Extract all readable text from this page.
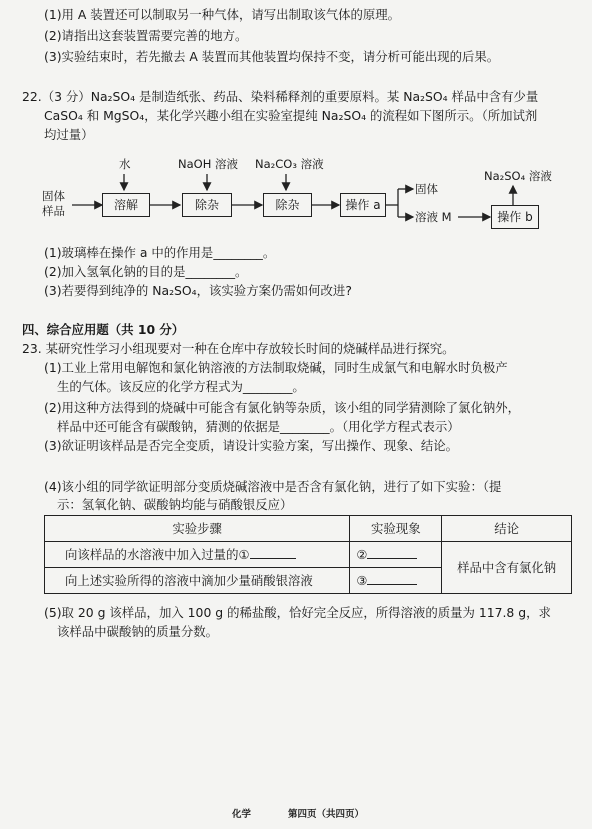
(1)用 A 装置还可以制取另一种气体，请写出制取该气体的原理。
(2)请指出这套装置需要完善的地方。
(3)实验结束时，若先撤去 A 装置而其他装置均保持不变，请分析可能出现的后果。
22.（3 分）Na₂SO₄ 是制造纸张、药品、染料稀释剂的重要原料。某 Na₂SO₄ 样品中含有少量
CaSO₄ 和 MgSO₄，某化学兴趣小组在实验室提纯 Na₂SO₄ 的流程如下图所示。（所加试剂
均过量）
固体
样品
水	NaOH 溶液 Na₂CO₃ 溶液
溶解	除杂	除杂	操作 a
固体
溶液 M	操作 b
Na₂SO₄ 溶液
(1)玻璃棒在操作 a 中的作用是________。
(2)加入氢氧化钠的目的是________。
(3)若要得到纯净的 Na₂SO₄，该实验方案仍需如何改进?
四、综合应用题（共 10 分）
23. 某研究性学习小组现要对一种在仓库中存放较长时间的烧碱样品进行探究。
(1)工业上常用电解饱和氯化钠溶液的方法制取烧碱，同时生成氯气和电解水时负极产
生的气体。该反应的化学方程式为________。
(2)用这种方法得到的烧碱中可能含有氯化钠等杂质，该小组的同学猜测除了氯化钠外，
样品中还可能含有碳酸钠，猜测的依据是________。（用化学方程式表示）
(3)欲证明该样品是否完全变质，请设计实验方案，写出操作、现象、结论。
(4)该小组的同学欲证明部分变质烧碱溶液中是否含有氯化钠，进行了如下实验：（提
示：氢氧化钠、碳酸钠均能与硝酸银反应）
实验步骤	实验现象	结论
向该样品的水溶液中加入过量的①	②	样品中含有氯化钠
向上述实验所得的溶液中滴加少量硝酸银溶液	③	
(5)取 20 g 该样品，加入 100 g 的稀盐酸，恰好完全反应，所得溶液的质量为 117.8 g，求
该样品中碳酸钠的质量分数。
化学	第四页（共四页）
